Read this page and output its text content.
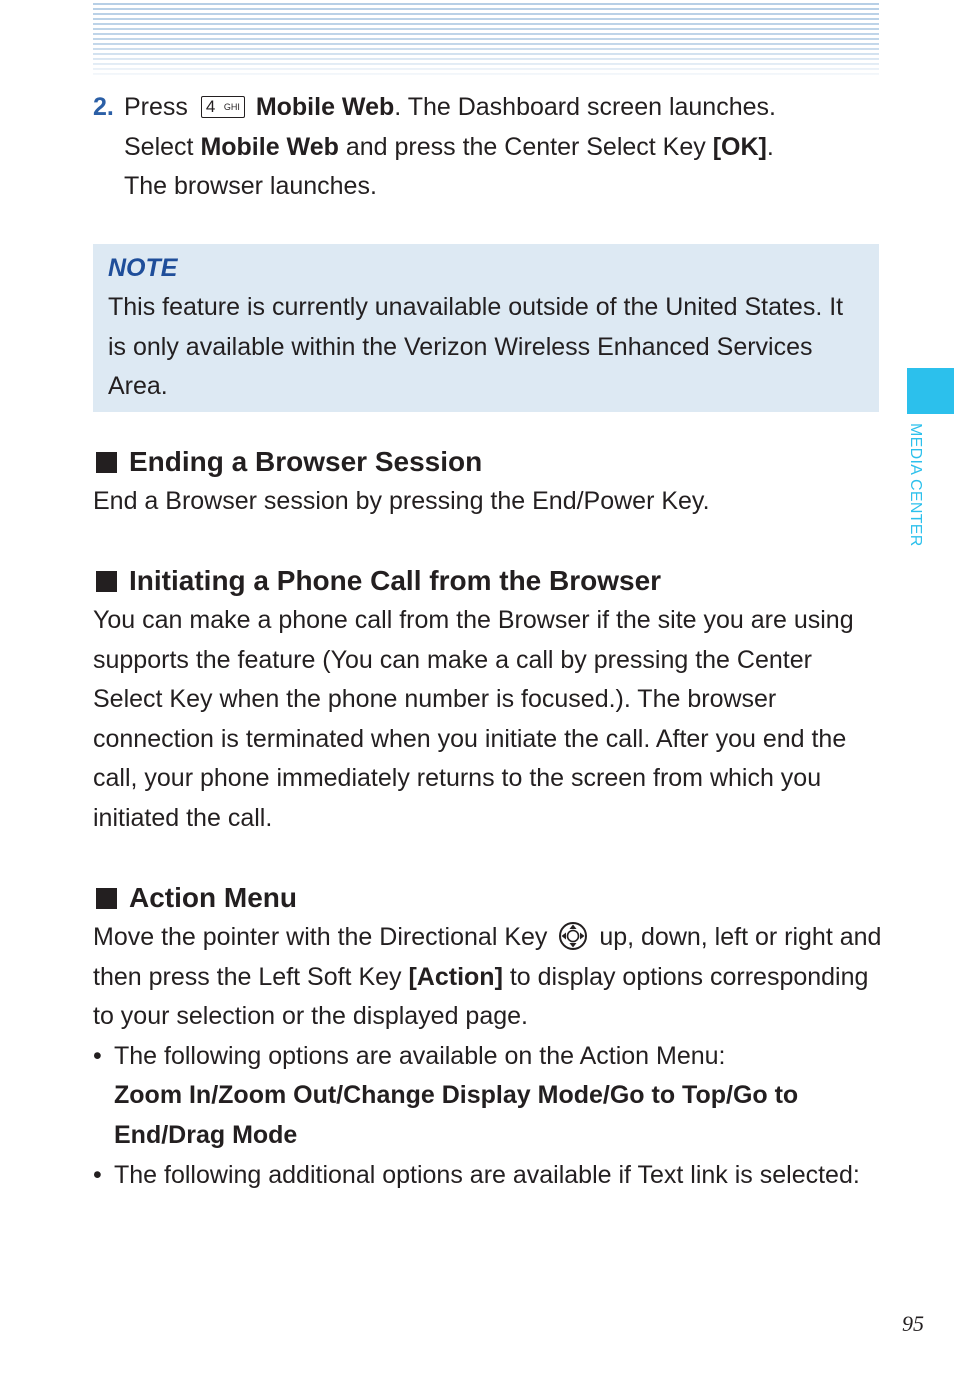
2. Press 4 GHI Mobile Web. The Dashboard screen launches.
Select Mobile Web and press the Center Select Key [OK].
The browser launches.
NOTE
This feature is currently unavailable outside of the United States. It is only available within the Verizon Wireless Enhanced Services Area.
MEDIA CENTER
Ending a Browser Session
End a Browser session by pressing the End/Power Key.
Initiating a Phone Call from the Browser
You can make a phone call from the Browser if the site you are using supports the feature (You can make a call by pressing the Center Select Key when the phone number is focused.). The browser connection is terminated when you initiate the call. After you end the call, your phone immediately returns to the screen from which you initiated the call.
Action Menu
Move the pointer with the Directional Key up, down, left or right and then press the Left Soft Key [Action] to display options corresponding to your selection or the displayed page.
• The following options are available on the Action Menu:
Zoom In/Zoom Out/Change Display Mode/Go to Top/Go to End/Drag Mode
• The following additional options are available if Text link is selected:
95
